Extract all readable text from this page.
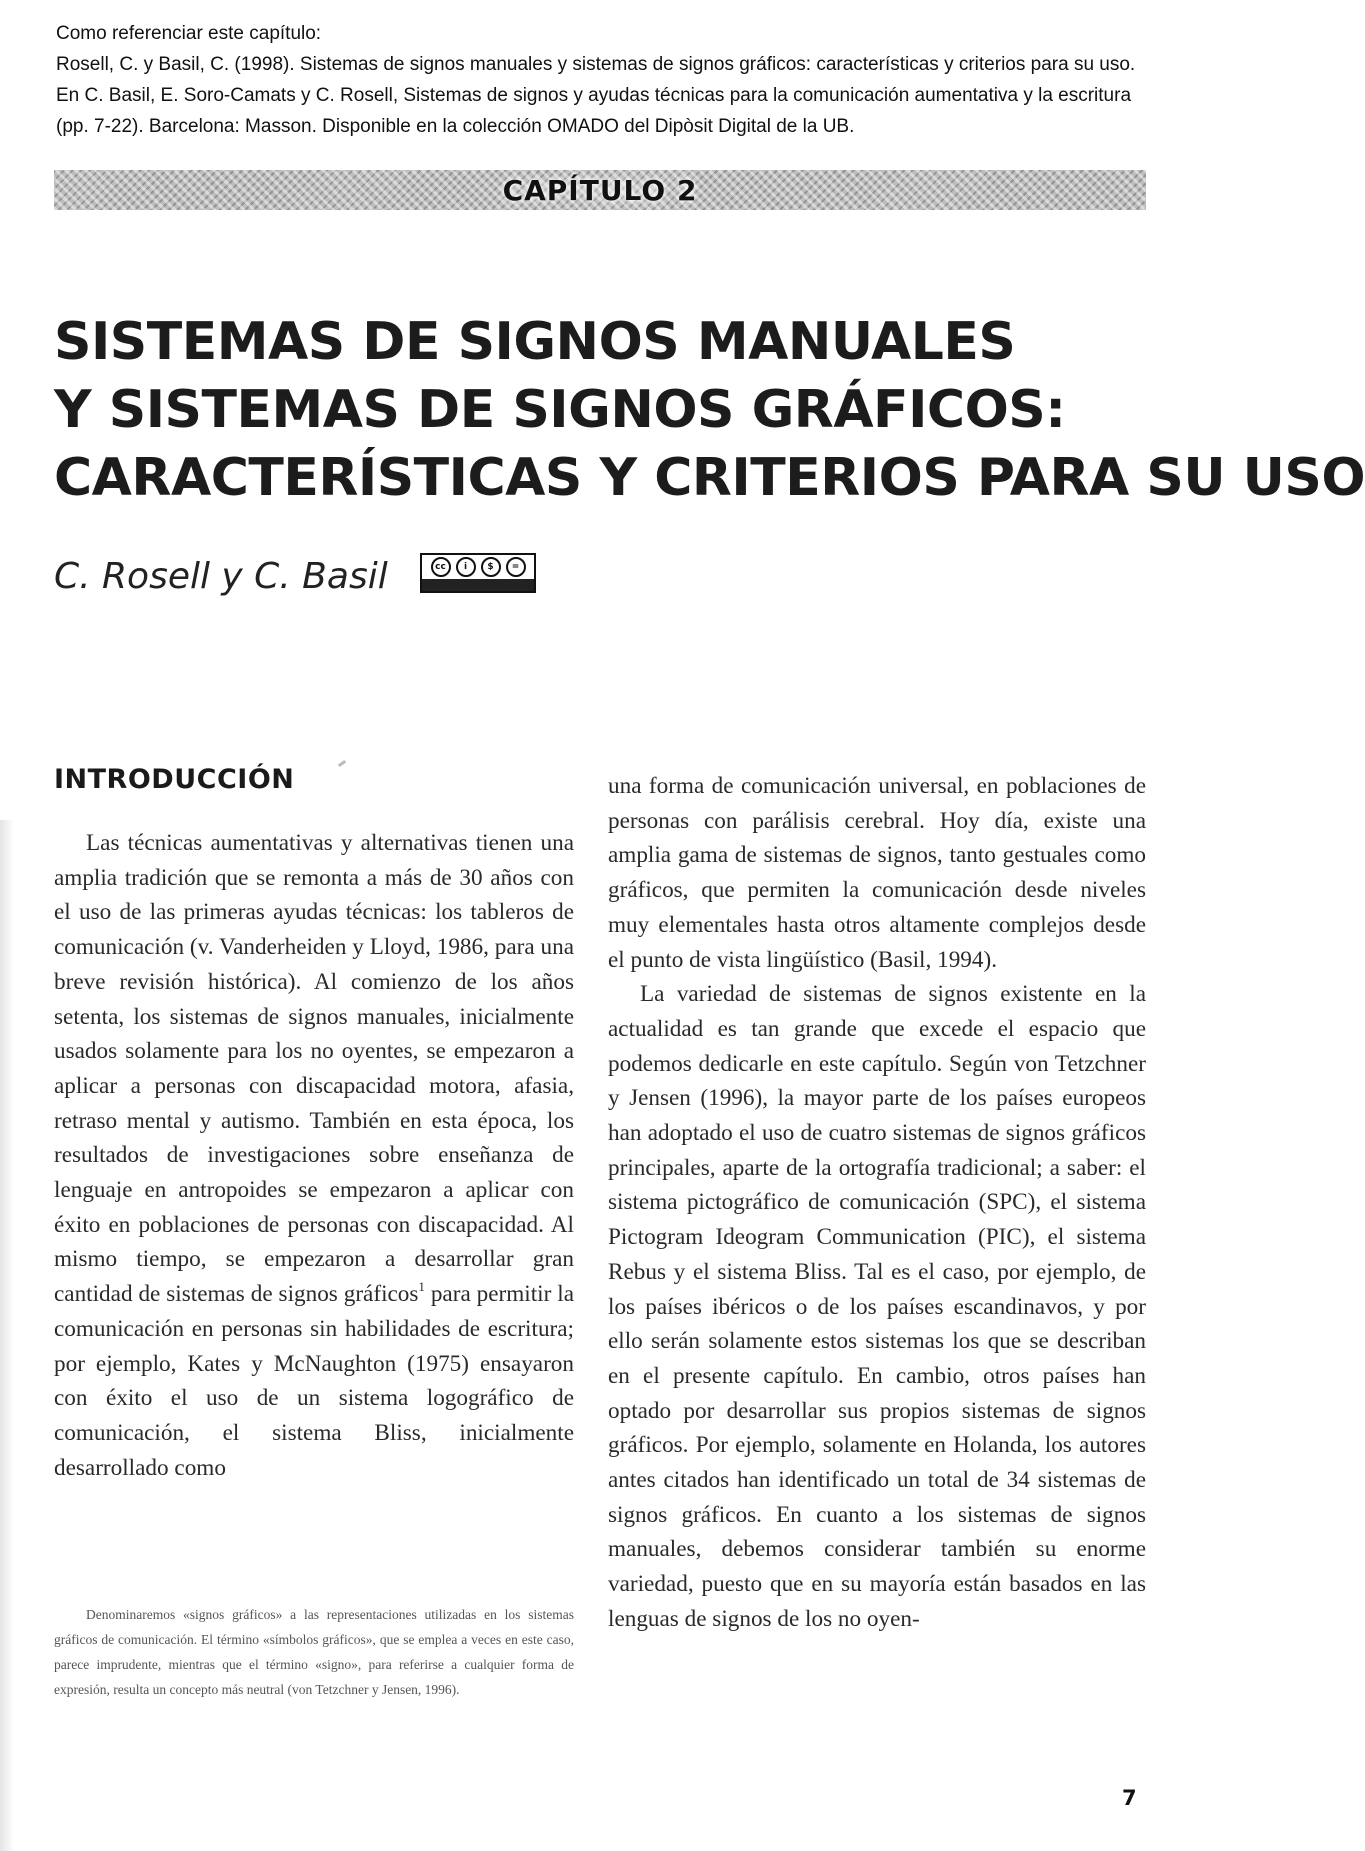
Como referenciar este capítulo:

Rosell, C. y Basil, C. (1998). Sistemas de signos manuales y sistemas de signos gráficos: características y criterios para su uso. En C. Basil, E. Soro-Camats y C. Rosell, Sistemas de signos y ayudas técnicas para la comunicación aumentativa y la escritura (pp. 7-22). Barcelona: Masson. Disponible en la colección OMADO del Dipòsit Digital de la UB.

CAPÍTULO 2
SISTEMAS DE SIGNOS MANUALES
Y SISTEMAS DE SIGNOS GRÁFICOS:
CARACTERÍSTICAS Y CRITERIOS PARA SU USO
C. Rosell y C. Basil	cc	i	$	=
INTRODUCCIÓN

Las técnicas aumentativas y alternativas tienen una amplia tradición que se remonta a más de 30 años con el uso de las primeras ayudas técnicas: los tableros de comunicación (v. Vanderheiden y Lloyd, 1986, para una breve revisión histórica). Al comienzo de los años setenta, los sistemas de signos manuales, inicialmente usados solamente para los no oyentes, se empezaron a aplicar a personas con discapacidad motora, afasia, retraso mental y autismo. También en esta época, los resultados de investigaciones sobre enseñanza de lenguaje en antropoides se empezaron a aplicar con éxito en poblaciones de personas con discapacidad. Al mismo tiempo, se empezaron a desarrollar gran cantidad de sistemas de signos gráficos$^1$ para permitir la comunicación en personas sin habilidades de escritura; por ejemplo, Kates y McNaughton (1975) ensayaron con éxito el uso de un sistema logográfico de comunicación, el sistema Bliss, inicialmente desarrollado como

Denominaremos «signos gráficos» a las representaciones utilizadas en los sistemas gráficos de comunicación. El término «símbolos gráficos», que se emplea a veces en este caso, parece imprudente, mientras que el término «signo», para referirse a cualquier forma de expresión, resulta un concepto más neutral (von Tetzchner y Jensen, 1996).

una forma de comunicación universal, en poblaciones de personas con parálisis cerebral. Hoy día, existe una amplia gama de sistemas de signos, tanto gestuales como gráficos, que permiten la comunicación desde niveles muy elementales hasta otros altamente complejos desde el punto de vista lingüístico (Basil, 1994).

La variedad de sistemas de signos existente en la actualidad es tan grande que excede el espacio que podemos dedicarle en este capítulo. Según von Tetzchner y Jensen (1996), la mayor parte de los países europeos han adoptado el uso de cuatro sistemas de signos gráficos principales, aparte de la ortografía tradicional; a saber: el sistema pictográfico de comunicación (SPC), el sistema Pictogram Ideogram Communication (PIC), el sistema Rebus y el sistema Bliss. Tal es el caso, por ejemplo, de los países ibéricos o de los países escandinavos, y por ello serán solamente estos sistemas los que se describan en el presente capítulo. En cambio, otros países han optado por desarrollar sus propios sistemas de signos gráficos. Por ejemplo, solamente en Holanda, los autores antes citados han identificado un total de 34 sistemas de signos gráficos. En cuanto a los sistemas de signos manuales, debemos considerar también su enorme variedad, puesto que en su mayoría están basados en las lenguas de signos de los no oyen-

7
